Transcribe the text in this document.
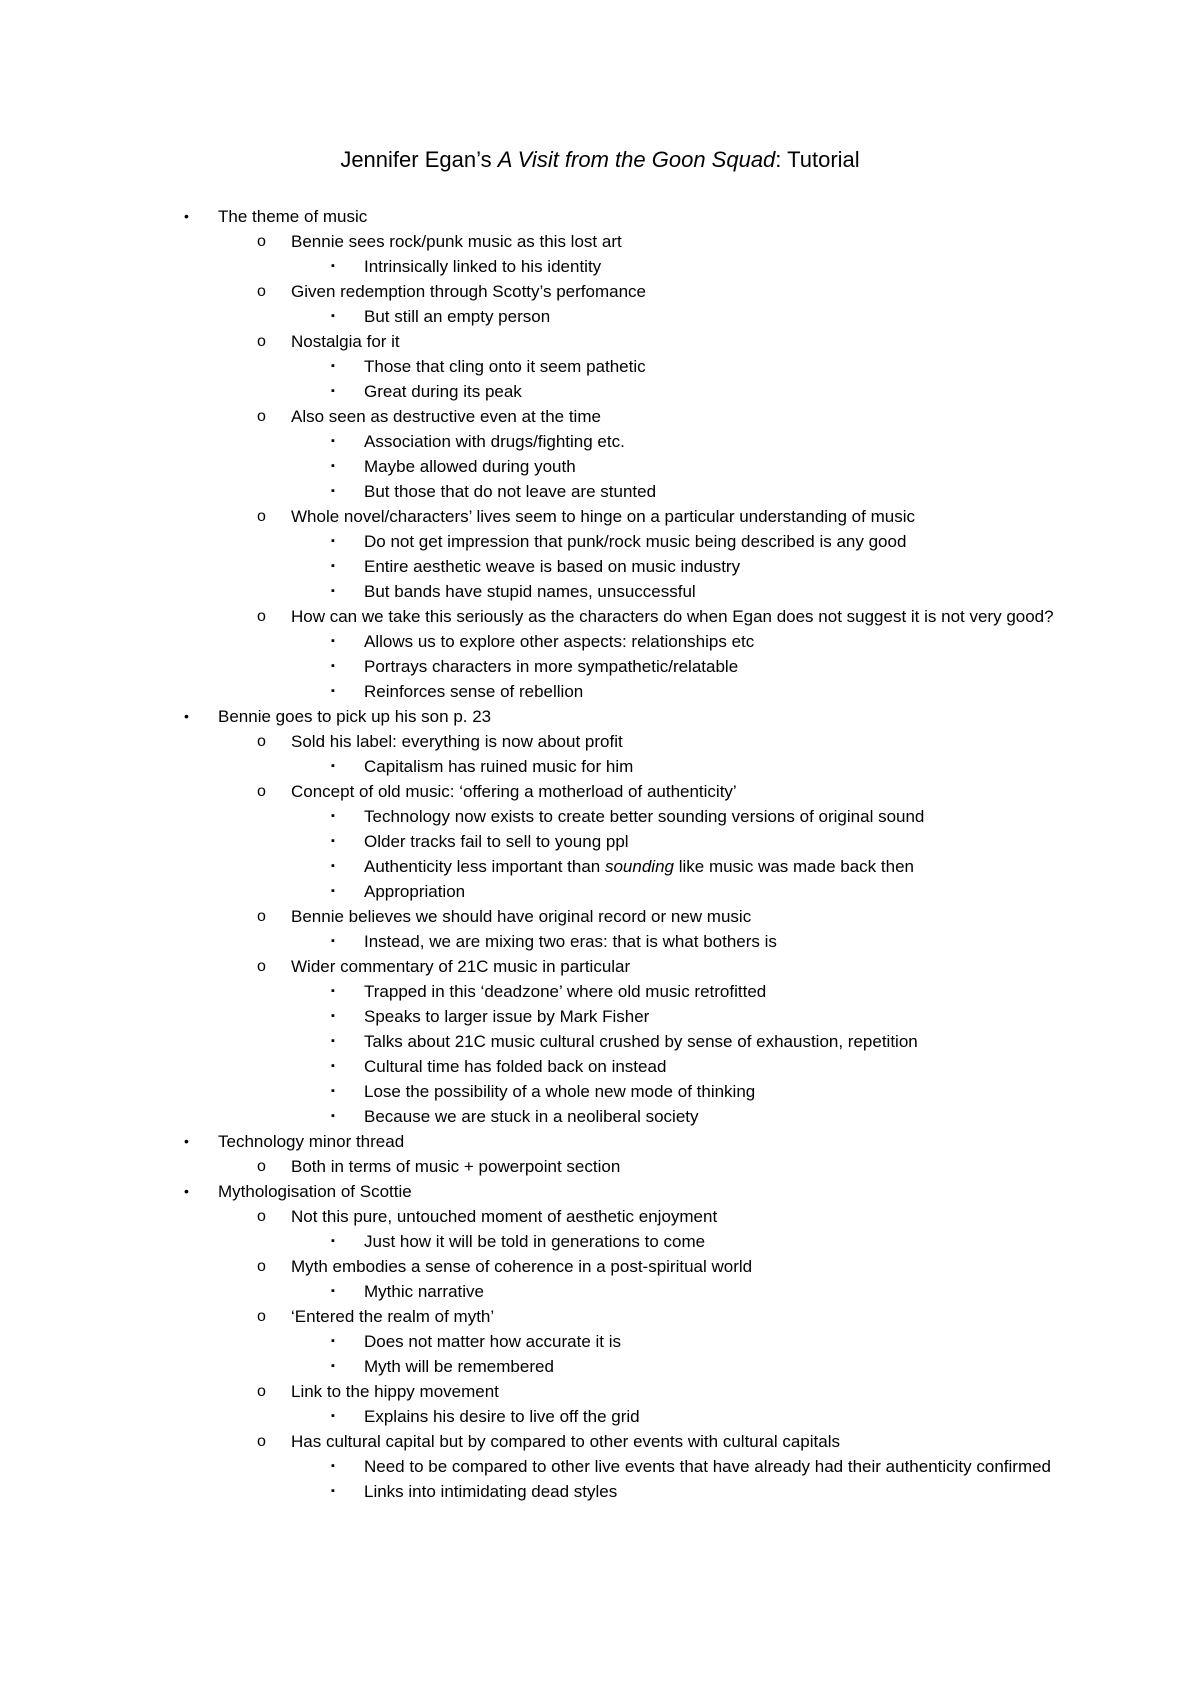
Jennifer Egan’s A Visit from the Goon Squad: Tutorial
• The theme of music
o Bennie sees rock/punk music as this lost art
▪ Intrinsically linked to his identity
o Given redemption through Scotty’s perfomance
▪ But still an empty person
o Nostalgia for it
▪ Those that cling onto it seem pathetic
▪ Great during its peak
o Also seen as destructive even at the time
▪ Association with drugs/fighting etc.
▪ Maybe allowed during youth
▪ But those that do not leave are stunted
o Whole novel/characters’ lives seem to hinge on a particular understanding of music
▪ Do not get impression that punk/rock music being described is any good
▪ Entire aesthetic weave is based on music industry
▪ But bands have stupid names, unsuccessful
o How can we take this seriously as the characters do when Egan does not suggest it is not very good?
▪ Allows us to explore other aspects: relationships etc
▪ Portrays characters in more sympathetic/relatable
▪ Reinforces sense of rebellion
• Bennie goes to pick up his son p. 23
o Sold his label: everything is now about profit
▪ Capitalism has ruined music for him
o Concept of old music: ‘offering a motherload of authenticity’
▪ Technology now exists to create better sounding versions of original sound
▪ Older tracks fail to sell to young ppl
▪ Authenticity less important than sounding like music was made back then
▪ Appropriation
o Bennie believes we should have original record or new music
▪ Instead, we are mixing two eras: that is what bothers is
o Wider commentary of 21C music in particular
▪ Trapped in this ‘deadzone’ where old music retrofitted
▪ Speaks to larger issue by Mark Fisher
▪ Talks about 21C music cultural crushed by sense of exhaustion, repetition
▪ Cultural time has folded back on instead
▪ Lose the possibility of a whole new mode of thinking
▪ Because we are stuck in a neoliberal society
• Technology minor thread
o Both in terms of music + powerpoint section
• Mythologisation of Scottie
o Not this pure, untouched moment of aesthetic enjoyment
▪ Just how it will be told in generations to come
o Myth embodies a sense of coherence in a post-spiritual world
▪ Mythic narrative
o ‘Entered the realm of myth’
▪ Does not matter how accurate it is
▪ Myth will be remembered
o Link to the hippy movement
▪ Explains his desire to live off the grid
o Has cultural capital but by compared to other events with cultural capitals
▪ Need to be compared to other live events that have already had their authenticity confirmed
▪ Links into intimidating dead styles
